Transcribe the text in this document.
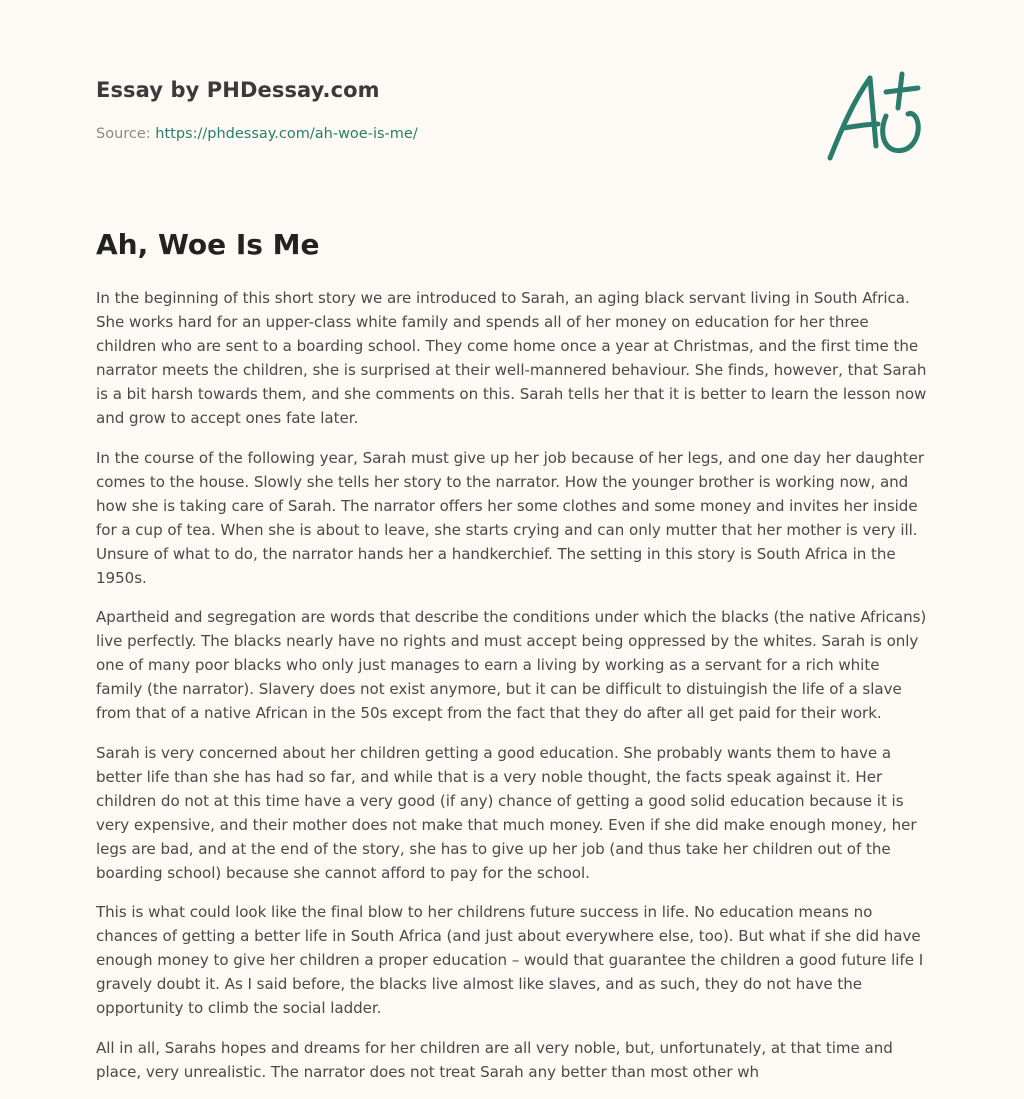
Essay by PHDessay.com
Source: https://phdessay.com/ah-woe-is-me/
Ah, Woe Is Me

In the beginning of this short story we are introduced to Sarah, an aging black servant living in South Africa. She works hard for an upper-class white family and spends all of her money on education for her three children who are sent to a boarding school. They come home once a year at Christmas, and the first time the narrator meets the children, she is surprised at their well-mannered behaviour. She finds, however, that Sarah is a bit harsh towards them, and she comments on this. Sarah tells her that it is better to learn the lesson now and grow to accept ones fate later.

In the course of the following year, Sarah must give up her job because of her legs, and one day her daughter comes to the house. Slowly she tells her story to the narrator. How the younger brother is working now, and how she is taking care of Sarah. The narrator offers her some clothes and some money and invites her inside for a cup of tea. When she is about to leave, she starts crying and can only mutter that her mother is very ill. Unsure of what to do, the narrator hands her a handkerchief. The setting in this story is South Africa in the 1950s.

Apartheid and segregation are words that describe the conditions under which the blacks (the native Africans) live perfectly. The blacks nearly have no rights and must accept being oppressed by the whites. Sarah is only one of many poor blacks who only just manages to earn a living by working as a servant for a rich white family (the narrator). Slavery does not exist anymore, but it can be difficult to distuingish the life of a slave from that of a native African in the 50s except from the fact that they do after all get paid for their work.

Sarah is very concerned about her children getting a good education. She probably wants them to have a better life than she has had so far, and while that is a very noble thought, the facts speak against it. Her children do not at this time have a very good (if any) chance of getting a good solid education because it is very expensive, and their mother does not make that much money. Even if she did make enough money, her legs are bad, and at the end of the story, she has to give up her job (and thus take her children out of the boarding school) because she cannot afford to pay for the school.

This is what could look like the final blow to her childrens future success in life. No education means no chances of getting a better life in South Africa (and just about everywhere else, too). But what if she did have enough money to give her children a proper education – would that guarantee the children a good future life I gravely doubt it. As I said before, the blacks live almost like slaves, and as such, they do not have the opportunity to climb the social ladder.

All in all, Sarahs hopes and dreams for her children are all very noble, but, unfortunately, at that time and place, very unrealistic. The narrator does not treat Sarah any better than most other wh
